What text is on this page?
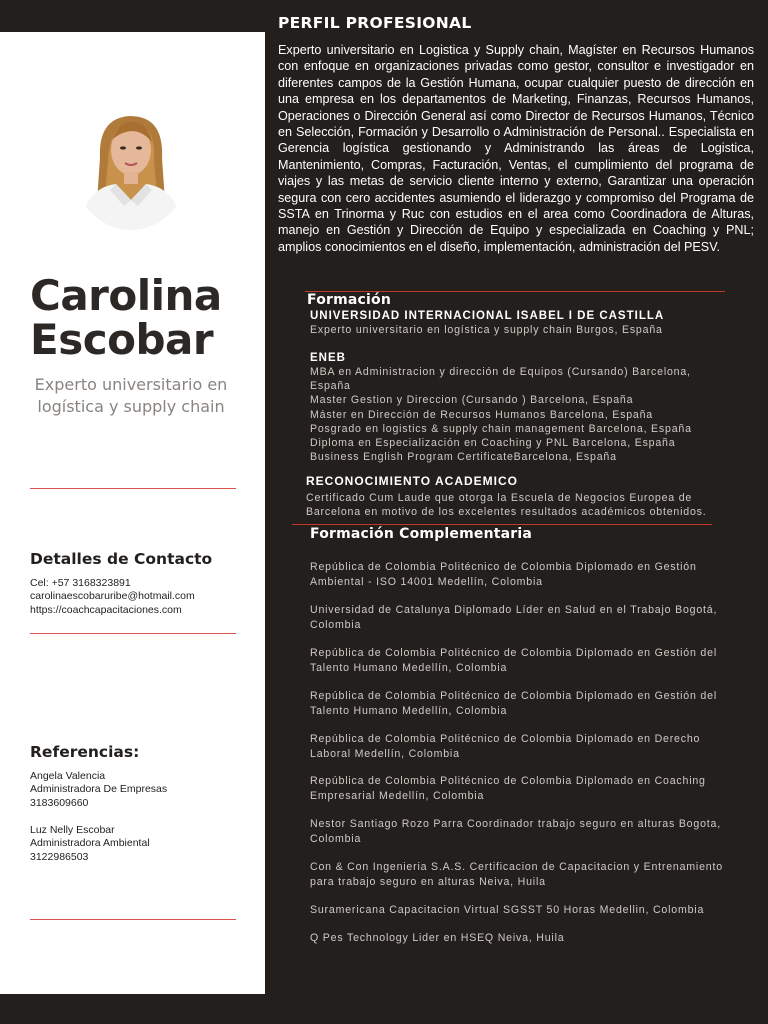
Carolina
Escobar
Experto universitario en logística y supply chain
Detalles de Contacto
Cel: +57 3168323891
carolinaescobaruribe@hotmail.com
https://coachcapacitaciones.com
Referencias:
Angela Valencia
Administradora De Empresas
3183609660
Luz Nelly Escobar
Administradora Ambiental
3122986503
PERFIL PROFESIONAL
Experto universitario en Logistica y Supply chain, Magíster en Recursos Humanos con enfoque en organizaciones privadas como gestor, consultor e investigador en diferentes campos de la Gestión Humana, ocupar cualquier puesto de dirección en una empresa en los departamentos de Marketing, Finanzas, Recursos Humanos, Operaciones o Dirección General así como Director de Recursos Humanos, Técnico en Selección, Formación y Desarrollo o Administración de Personal.. Especialista en Gerencia logística gestionando y Administrando las áreas de Logistica, Mantenimiento, Compras, Facturación, Ventas, el cumplimiento del programa de viajes y las metas de servicio cliente interno y externo, Garantizar una operación segura con cero accidentes asumiendo el liderazgo y compromiso del Programa de SSTA en Trinorma y Ruc con estudios en el area como Coordinadora de Alturas, manejo en Gestión y Dirección de Equipo y especializada en Coaching y PNL; amplios conocimientos en el diseño, implementación, administración del PESV.
Formación
UNIVERSIDAD INTERNACIONAL ISABEL I DE CASTILLA
Experto universitario en logística y supply chain Burgos, España
ENEB
MBA en Administracion y dirección de Equipos (Cursando) Barcelona,
España
Master Gestion y Direccion (Cursando ) Barcelona, España
Máster en Dirección de Recursos Humanos Barcelona, España
Posgrado en logistics & supply chain management Barcelona, España
Diploma en Especialización en Coaching y PNL Barcelona, España
Business English Program CertificateBarcelona, España
RECONOCIMIENTO ACADEMICO
Certificado Cum Laude que otorga la Escuela de Negocios Europea de
Barcelona en motivo de los excelentes resultados académicos obtenidos.
Formación Complementaria
República de Colombia Politécnico de Colombia Diplomado en Gestión Ambiental - ISO 14001 Medellín, Colombia
Universidad de Catalunya Diplomado Líder en Salud en el Trabajo Bogotá, Colombia
República de Colombia Politécnico de Colombia Diplomado en Gestión del Talento Humano Medellín, Colombia
República de Colombia Politécnico de Colombia Diplomado en Gestión del Talento Humano Medellín, Colombia
República de Colombia Politécnico de Colombia Diplomado en Derecho Laboral Medellín, Colombia
República de Colombia Politécnico de Colombia Diplomado en Coaching Empresarial Medellín, Colombia
Nestor Santiago Rozo Parra Coordinador trabajo seguro en alturas Bogota, Colombia
Con & Con Ingenieria S.A.S. Certificacion de Capacitacion y Entrenamiento para trabajo seguro en alturas Neiva, Huila
Suramericana Capacitacion Virtual SGSST 50 Horas Medellin, Colombia
Q Pes Technology Lider en HSEQ Neiva, Huila
